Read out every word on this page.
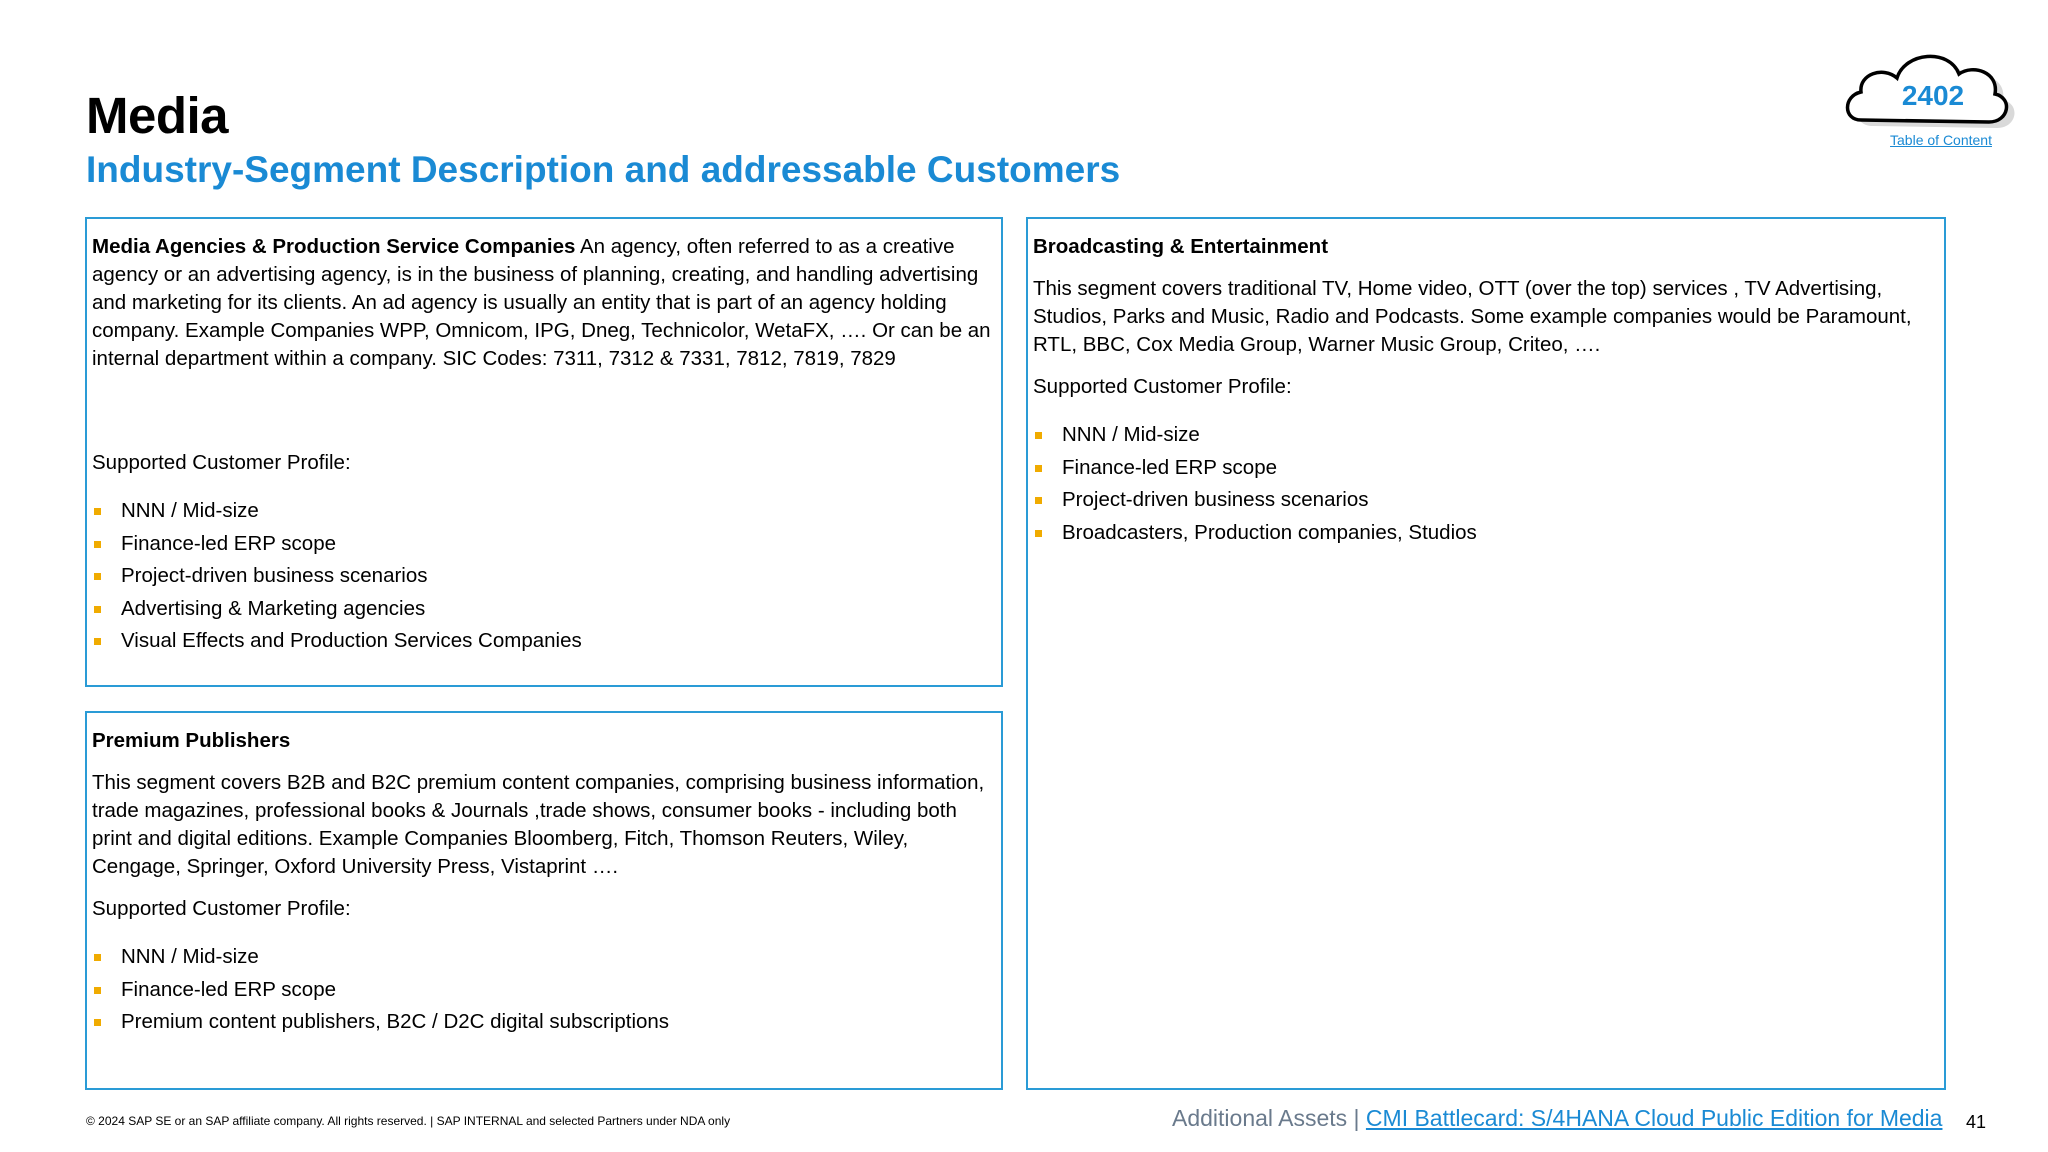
Media
Industry-Segment Description and addressable Customers
2402
Table of Content

Media Agencies & Production Service Companies An agency, often referred to as a creative agency or an advertising agency, is in the business of planning, creating, and handling advertising and marketing for its clients. An ad agency is usually an entity that is part of an agency holding company. Example Companies WPP, Omnicom, IPG, Dneg, Technicolor, WetaFX, …. Or can be an internal department within a company. SIC Codes: 7311, 7312 & 7331, 7812, 7819, 7829

Supported Customer Profile:

NNN / Mid-size
Finance-led ERP scope
Project-driven business scenarios
Advertising & Marketing agencies
Visual Effects and Production Services Companies

Premium Publishers

This segment covers B2B and B2C premium content companies, comprising business information, trade magazines, professional books & Journals ,trade shows, consumer books - including both print and digital editions. Example Companies Bloomberg, Fitch, Thomson Reuters, Wiley, Cengage, Springer, Oxford University Press, Vistaprint ….

Supported Customer Profile:

NNN / Mid-size
Finance-led ERP scope
Premium content publishers, B2C / D2C digital subscriptions

Broadcasting & Entertainment

This segment covers traditional TV, Home video, OTT (over the top) services , TV Advertising, Studios, Parks and Music, Radio and Podcasts. Some example companies would be Paramount, RTL, BBC, Cox Media Group, Warner Music Group, Criteo, ….

Supported Customer Profile:

NNN / Mid-size
Finance-led ERP scope
Project-driven business scenarios
Broadcasters, Production companies, Studios
© 2024 SAP SE or an SAP affiliate company. All rights reserved. | SAP INTERNAL and selected Partners under NDA only	Additional Assets | CMI Battlecard: S/4HANA Cloud Public Edition for Media 41
